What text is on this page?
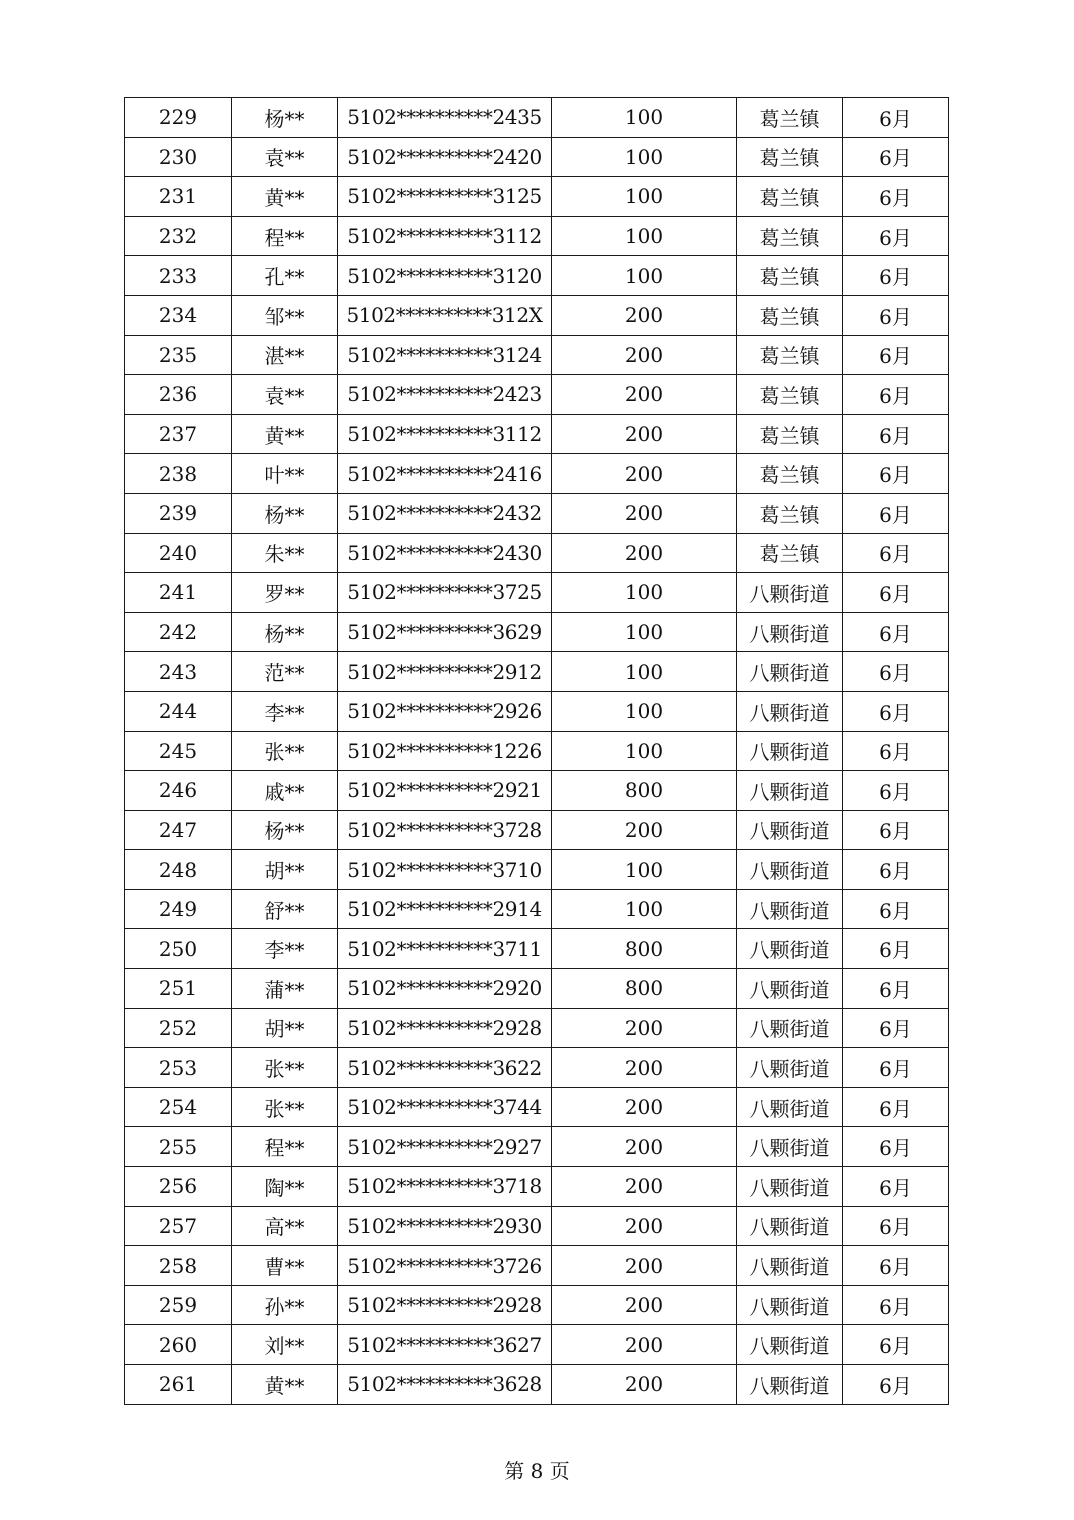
229	杨**	5102**********2435	100	葛兰镇	6月
230	袁**	5102**********2420	100	葛兰镇	6月
231	黄**	5102**********3125	100	葛兰镇	6月
232	程**	5102**********3112	100	葛兰镇	6月
233	孔**	5102**********3120	100	葛兰镇	6月
234	邹**	5102**********312X	200	葛兰镇	6月
235	湛**	5102**********3124	200	葛兰镇	6月
236	袁**	5102**********2423	200	葛兰镇	6月
237	黄**	5102**********3112	200	葛兰镇	6月
238	叶**	5102**********2416	200	葛兰镇	6月
239	杨**	5102**********2432	200	葛兰镇	6月
240	朱**	5102**********2430	200	葛兰镇	6月
241	罗**	5102**********3725	100	八颗街道	6月
242	杨**	5102**********3629	100	八颗街道	6月
243	范**	5102**********2912	100	八颗街道	6月
244	李**	5102**********2926	100	八颗街道	6月
245	张**	5102**********1226	100	八颗街道	6月
246	戚**	5102**********2921	800	八颗街道	6月
247	杨**	5102**********3728	200	八颗街道	6月
248	胡**	5102**********3710	100	八颗街道	6月
249	舒**	5102**********2914	100	八颗街道	6月
250	李**	5102**********3711	800	八颗街道	6月
251	蒲**	5102**********2920	800	八颗街道	6月
252	胡**	5102**********2928	200	八颗街道	6月
253	张**	5102**********3622	200	八颗街道	6月
254	张**	5102**********3744	200	八颗街道	6月
255	程**	5102**********2927	200	八颗街道	6月
256	陶**	5102**********3718	200	八颗街道	6月
257	高**	5102**********2930	200	八颗街道	6月
258	曹**	5102**********3726	200	八颗街道	6月
259	孙**	5102**********2928	200	八颗街道	6月
260	刘**	5102**********3627	200	八颗街道	6月
261	黄**	5102**********3628	200	八颗街道	6月
第 8 页
